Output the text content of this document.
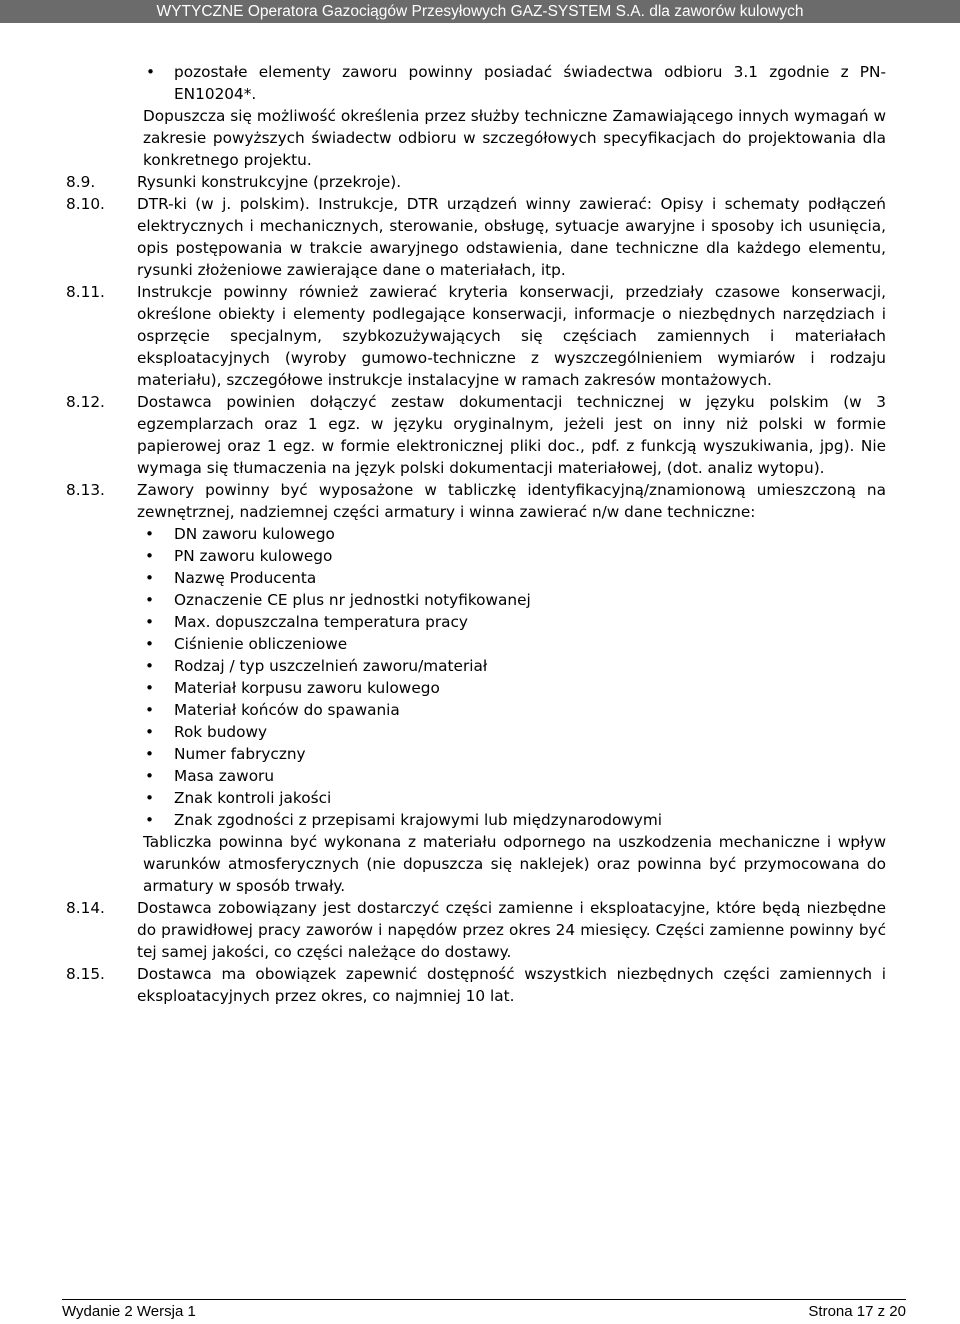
WYTYCZNE Operatora Gazociągów Przesyłowych GAZ-SYSTEM S.A. dla zaworów kulowych
• pozostałe elementy zaworu powinny posiadać świadectwa odbioru 3.1 zgodnie z PN-EN10204*.
Dopuszcza się możliwość określenia przez służby techniczne Zamawiającego innych wymagań w zakresie powyższych świadectw odbioru w szczegółowych specyfikacjach do projektowania dla konkretnego projektu.
8.9.	Rysunki konstrukcyjne (przekroje).
8.10. DTR-ki (w j. polskim). Instrukcje, DTR urządzeń winny zawierać: Opisy i schematy podłączeń elektrycznych i mechanicznych, sterowanie, obsługę, sytuacje awaryjne i sposoby ich usunięcia, opis postępowania w trakcie awaryjnego odstawienia, dane techniczne dla każdego elementu, rysunki złożeniowe zawierające dane o materiałach, itp.
8.11. Instrukcje powinny również zawierać kryteria konserwacji, przedziały czasowe konserwacji, określone obiekty i elementy podlegające konserwacji, informacje o niezbędnych narzędziach i osprzęcie specjalnym, szybkozużywających się częściach zamiennych i materiałach eksploatacyjnych (wyroby gumowo-techniczne z wyszczególnieniem wymiarów i rodzaju materiału), szczegółowe instrukcje instalacyjne w ramach zakresów montażowych.
8.12. Dostawca powinien dołączyć zestaw dokumentacji technicznej w języku polskim (w 3 egzemplarzach oraz 1 egz. w języku oryginalnym, jeżeli jest on inny niż polski w formie papierowej oraz 1 egz. w formie elektronicznej pliki doc., pdf. z funkcją wyszukiwania, jpg). Nie wymaga się tłumaczenia na język polski dokumentacji materiałowej, (dot. analiz wytopu).
8.13. Zawory powinny być wyposażone w tabliczkę identyfikacyjną/znamionową umieszczoną na zewnętrznej, nadziemnej części armatury i winna zawierać n/w dane techniczne:
• DN zaworu kulowego
• PN zaworu kulowego
• Nazwę Producenta
• Oznaczenie CE plus nr jednostki notyfikowanej
• Max. dopuszczalna temperatura pracy
• Ciśnienie obliczeniowe
• Rodzaj / typ uszczelnień zaworu/materiał
• Materiał korpusu zaworu kulowego
• Materiał końców do spawania
• Rok budowy
• Numer fabryczny
• Masa zaworu
• Znak kontroli jakości
• Znak zgodności z przepisami krajowymi lub międzynarodowymi
Tabliczka powinna być wykonana z materiału odpornego na uszkodzenia mechaniczne i wpływ warunków atmosferycznych (nie dopuszcza się naklejek) oraz powinna być przymocowana do armatury w sposób trwały.
8.14. Dostawca zobowiązany jest dostarczyć części zamienne i eksploatacyjne, które będą niezbędne do prawidłowej pracy zaworów i napędów przez okres 24 miesięcy. Części zamienne powinny być tej samej jakości, co części należące do dostawy.
8.15. Dostawca ma obowiązek zapewnić dostępność wszystkich niezbędnych części zamiennych i eksploatacyjnych przez okres, co najmniej 10 lat.
Wydanie 2 Wersja 1	Strona 17 z 20
